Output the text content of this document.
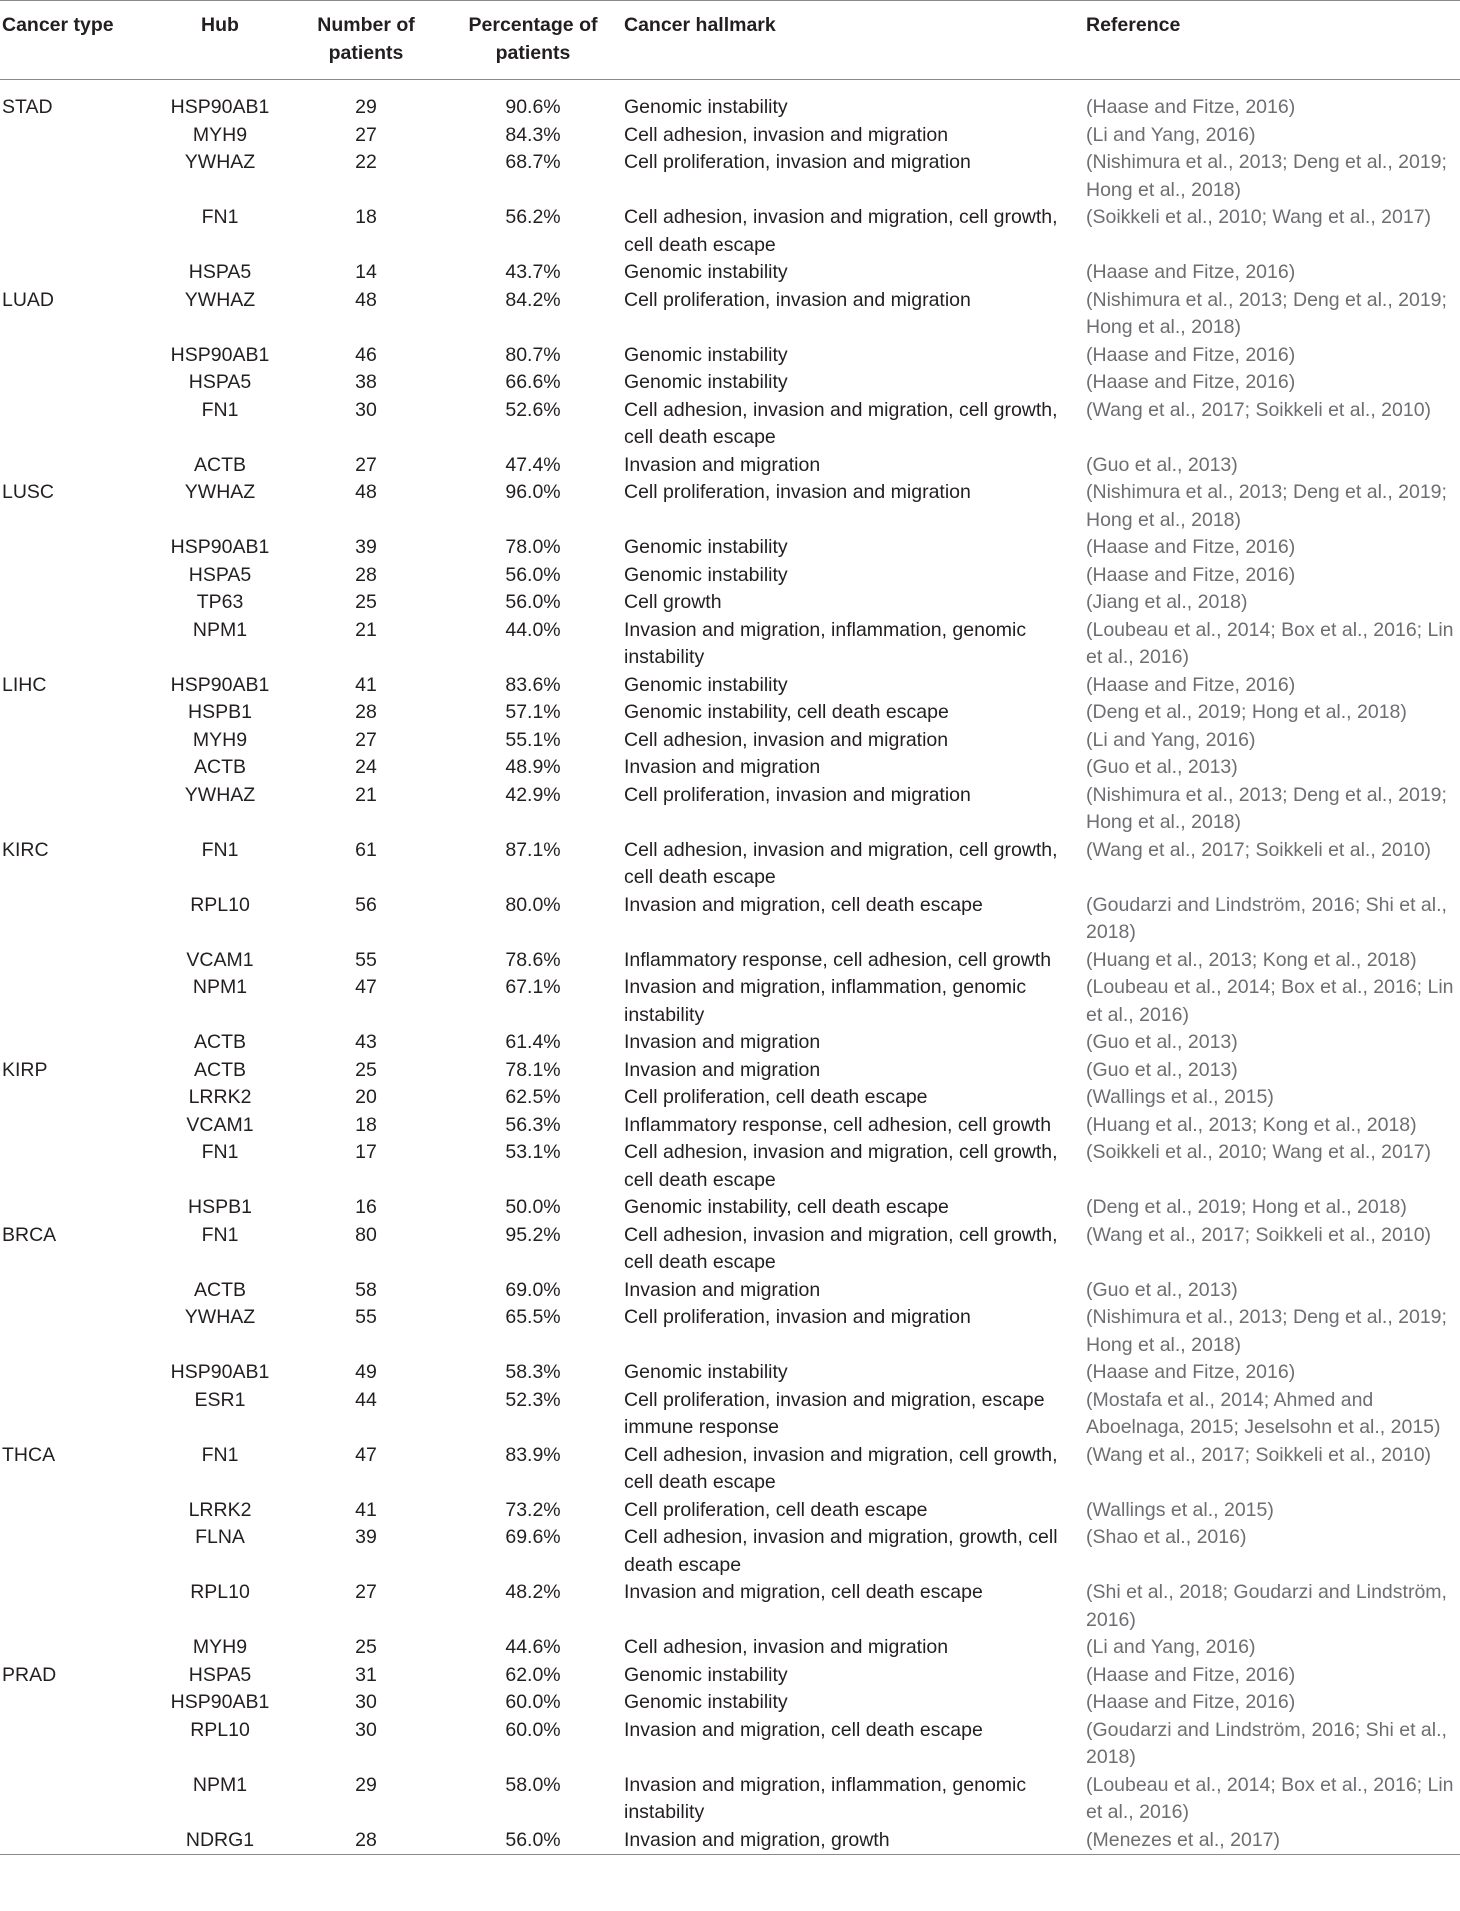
Cancer type	Hub	Number of patients	Percentage of patients	Cancer hallmark	Reference
STAD	HSP90AB1	29	90.6%	Genomic instability	(Haase and Fitze, 2016)
	MYH9	27	84.3%	Cell adhesion, invasion and migration	(Li and Yang, 2016)
	YWHAZ	22	68.7%	Cell proliferation, invasion and migration	(Nishimura et al., 2013; Deng et al., 2019; Hong et al., 2018)
	FN1	18	56.2%	Cell adhesion, invasion and migration, cell growth, cell death escape	(Soikkeli et al., 2010; Wang et al., 2017)
	HSPA5	14	43.7%	Genomic instability	(Haase and Fitze, 2016)
LUAD	YWHAZ	48	84.2%	Cell proliferation, invasion and migration	(Nishimura et al., 2013; Deng et al., 2019; Hong et al., 2018)
	HSP90AB1	46	80.7%	Genomic instability	(Haase and Fitze, 2016)
	HSPA5	38	66.6%	Genomic instability	(Haase and Fitze, 2016)
	FN1	30	52.6%	Cell adhesion, invasion and migration, cell growth, cell death escape	(Wang et al., 2017; Soikkeli et al., 2010)
	ACTB	27	47.4%	Invasion and migration	(Guo et al., 2013)
LUSC	YWHAZ	48	96.0%	Cell proliferation, invasion and migration	(Nishimura et al., 2013; Deng et al., 2019; Hong et al., 2018)
	HSP90AB1	39	78.0%	Genomic instability	(Haase and Fitze, 2016)
	HSPA5	28	56.0%	Genomic instability	(Haase and Fitze, 2016)
	TP63	25	56.0%	Cell growth	(Jiang et al., 2018)
	NPM1	21	44.0%	Invasion and migration, inflammation, genomic instability	(Loubeau et al., 2014; Box et al., 2016; Lin et al., 2016)
LIHC	HSP90AB1	41	83.6%	Genomic instability	(Haase and Fitze, 2016)
	HSPB1	28	57.1%	Genomic instability, cell death escape	(Deng et al., 2019; Hong et al., 2018)
	MYH9	27	55.1%	Cell adhesion, invasion and migration	(Li and Yang, 2016)
	ACTB	24	48.9%	Invasion and migration	(Guo et al., 2013)
	YWHAZ	21	42.9%	Cell proliferation, invasion and migration	(Nishimura et al., 2013; Deng et al., 2019; Hong et al., 2018)
KIRC	FN1	61	87.1%	Cell adhesion, invasion and migration, cell growth, cell death escape	(Wang et al., 2017; Soikkeli et al., 2010)
	RPL10	56	80.0%	Invasion and migration, cell death escape	(Goudarzi and Lindström, 2016; Shi et al., 2018)
	VCAM1	55	78.6%	Inflammatory response, cell adhesion, cell growth	(Huang et al., 2013; Kong et al., 2018)
	NPM1	47	67.1%	Invasion and migration, inflammation, genomic instability	(Loubeau et al., 2014; Box et al., 2016; Lin et al., 2016)
	ACTB	43	61.4%	Invasion and migration	(Guo et al., 2013)
KIRP	ACTB	25	78.1%	Invasion and migration	(Guo et al., 2013)
	LRRK2	20	62.5%	Cell proliferation, cell death escape	(Wallings et al., 2015)
	VCAM1	18	56.3%	Inflammatory response, cell adhesion, cell growth	(Huang et al., 2013; Kong et al., 2018)
	FN1	17	53.1%	Cell adhesion, invasion and migration, cell growth, cell death escape	(Soikkeli et al., 2010; Wang et al., 2017)
	HSPB1	16	50.0%	Genomic instability, cell death escape	(Deng et al., 2019; Hong et al., 2018)
BRCA	FN1	80	95.2%	Cell adhesion, invasion and migration, cell growth, cell death escape	(Wang et al., 2017; Soikkeli et al., 2010)
	ACTB	58	69.0%	Invasion and migration	(Guo et al., 2013)
	YWHAZ	55	65.5%	Cell proliferation, invasion and migration	(Nishimura et al., 2013; Deng et al., 2019; Hong et al., 2018)
	HSP90AB1	49	58.3%	Genomic instability	(Haase and Fitze, 2016)
	ESR1	44	52.3%	Cell proliferation, invasion and migration, escape immune response	(Mostafa et al., 2014; Ahmed and Aboelnaga, 2015; Jeselsohn et al., 2015)
THCA	FN1	47	83.9%	Cell adhesion, invasion and migration, cell growth, cell death escape	(Wang et al., 2017; Soikkeli et al., 2010)
	LRRK2	41	73.2%	Cell proliferation, cell death escape	(Wallings et al., 2015)
	FLNA	39	69.6%	Cell adhesion, invasion and migration, growth, cell death escape	(Shao et al., 2016)
	RPL10	27	48.2%	Invasion and migration, cell death escape	(Shi et al., 2018; Goudarzi and Lindström, 2016)
	MYH9	25	44.6%	Cell adhesion, invasion and migration	(Li and Yang, 2016)
PRAD	HSPA5	31	62.0%	Genomic instability	(Haase and Fitze, 2016)
	HSP90AB1	30	60.0%	Genomic instability	(Haase and Fitze, 2016)
	RPL10	30	60.0%	Invasion and migration, cell death escape	(Goudarzi and Lindström, 2016; Shi et al., 2018)
	NPM1	29	58.0%	Invasion and migration, inflammation, genomic instability	(Loubeau et al., 2014; Box et al., 2016; Lin et al., 2016)
	NDRG1	28	56.0%	Invasion and migration, growth	(Menezes et al., 2017)
